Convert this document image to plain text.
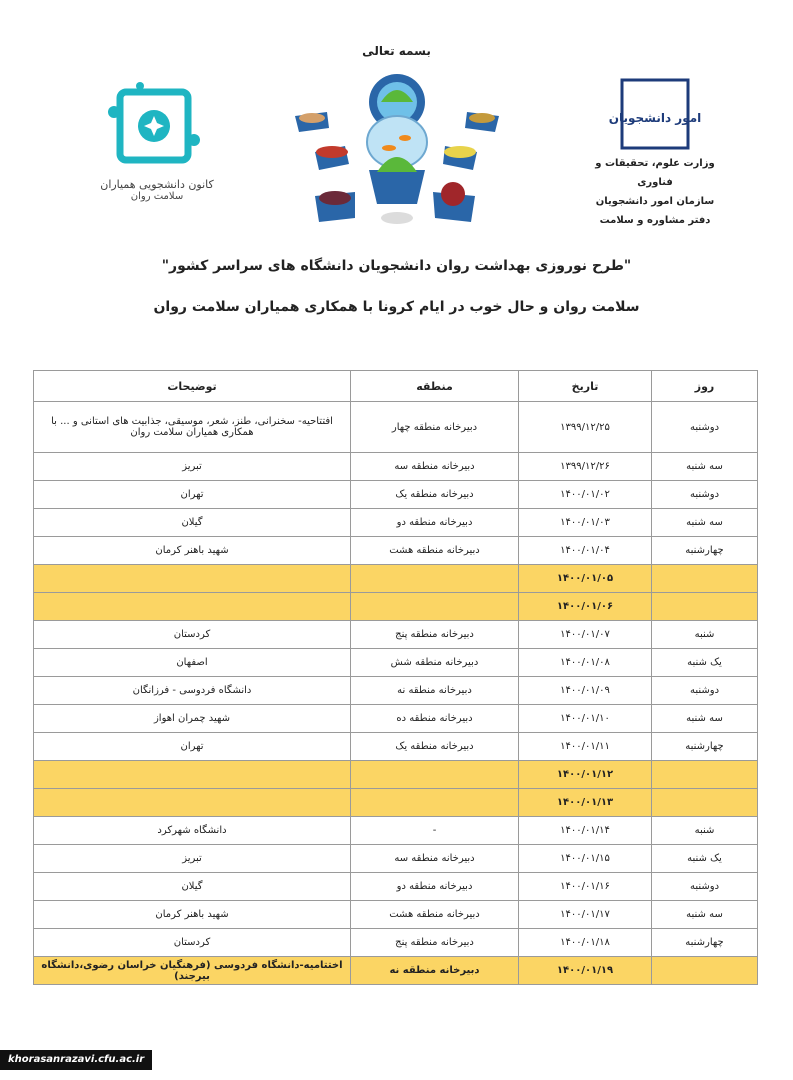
بسمه تعالی
کانون دانشجویی همیاران
سلامت روان
امور دانشجویان
وزارت علوم، تحقیقات و فناوری
سازمان امور دانشجویان
دفتر مشاوره و سلامت
"طرح نوروزی بهداشت روان دانشجویان دانشگاه های سراسر کشور"
سلامت روان و حال خوب در ایام کرونا با همکاری همیاران سلامت روان
روز	تاریخ	منطقه	توضیحات
دوشنبه	۱۳۹۹/۱۲/۲۵	دبیرخانه منطقه چهار	افتتاحیه- سخنرانی، طنز، شعر، موسیقی، جذابیت های استانی و ... با همکاری همیاران سلامت روان
سه شنبه	۱۳۹۹/۱۲/۲۶	دبیرخانه منطقه سه	تبریز
دوشنبه	۱۴۰۰/۰۱/۰۲	دبیرخانه منطقه یک	تهران
سه شنبه	۱۴۰۰/۰۱/۰۳	دبیرخانه منطقه دو	گیلان
چهارشنبه	۱۴۰۰/۰۱/۰۴	دبیرخانه منطقه هشت	شهید باهنر کرمان
	۱۴۰۰/۰۱/۰۵		
	۱۴۰۰/۰۱/۰۶		
شنبه	۱۴۰۰/۰۱/۰۷	دبیرخانه منطقه پنج	کردستان
یک شنبه	۱۴۰۰/۰۱/۰۸	دبیرخانه منطقه شش	اصفهان
دوشنبه	۱۴۰۰/۰۱/۰۹	دبیرخانه منطقه نه	دانشگاه فردوسی - فرزانگان
سه شنبه	۱۴۰۰/۰۱/۱۰	دبیرخانه منطقه ده	شهید چمران اهواز
چهارشنبه	۱۴۰۰/۰۱/۱۱	دبیرخانه منطقه یک	تهران
	۱۴۰۰/۰۱/۱۲		
	۱۴۰۰/۰۱/۱۳		
شنبه	۱۴۰۰/۰۱/۱۴	-	دانشگاه شهرکرد
یک شنبه	۱۴۰۰/۰۱/۱۵	دبیرخانه منطقه سه	تبریز
دوشنبه	۱۴۰۰/۰۱/۱۶	دبیرخانه منطقه دو	گیلان
سه شنبه	۱۴۰۰/۰۱/۱۷	دبیرخانه منطقه هشت	شهید باهنر کرمان
چهارشنبه	۱۴۰۰/۰۱/۱۸	دبیرخانه منطقه پنج	کردستان
	۱۴۰۰/۰۱/۱۹	دبیرخانه منطقه نه	اختتامیه-دانشگاه فردوسی (فرهنگیان خراسان رضوی،دانشگاه بیرجند)
khorasanrazavi.cfu.ac.ir
